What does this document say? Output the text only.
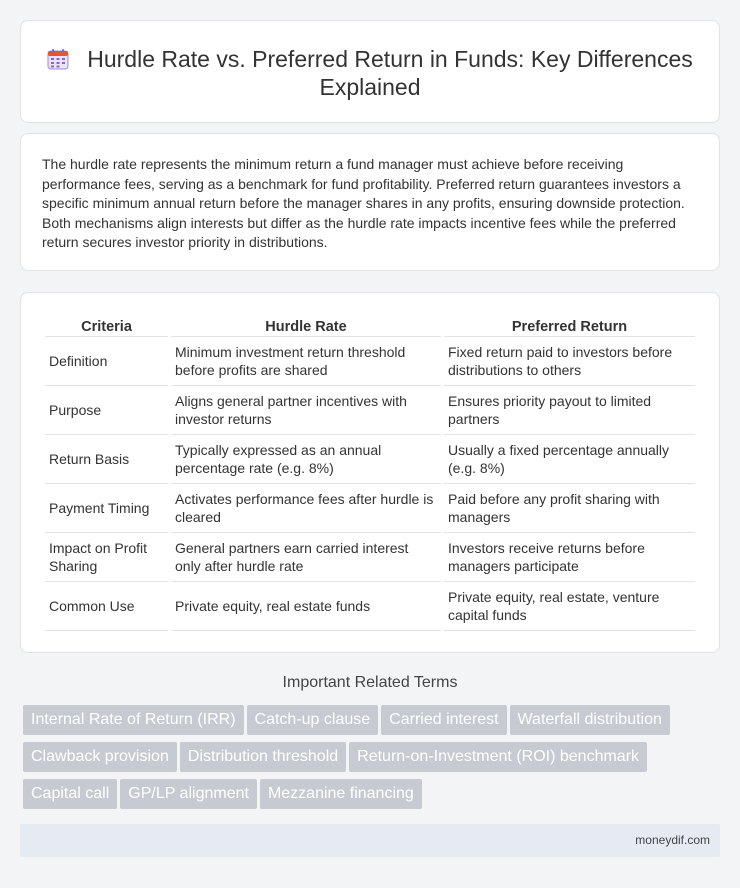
Hurdle Rate vs. Preferred Return in Funds: Key Differences Explained

The hurdle rate represents the minimum return a fund manager must achieve before receiving performance fees, serving as a benchmark for fund profitability. Preferred return guarantees investors a specific minimum annual return before the manager shares in any profits, ensuring downside protection. Both mechanisms align interests but differ as the hurdle rate impacts incentive fees while the preferred return secures investor priority in distributions.

Criteria	Hurdle Rate	Preferred Return
Definition	Minimum investment return threshold before profits are shared	Fixed return paid to investors before distributions to others
Purpose	Aligns general partner incentives with investor returns	Ensures priority payout to limited partners
Return Basis	Typically expressed as an annual percentage rate (e.g. 8%)	Usually a fixed percentage annually (e.g. 8%)
Payment Timing	Activates performance fees after hurdle is cleared	Paid before any profit sharing with managers
Impact on Profit Sharing	General partners earn carried interest only after hurdle rate	Investors receive returns before managers participate
Common Use	Private equity, real estate funds	Private equity, real estate, venture capital funds
Important Related Terms
Internal Rate of Return (IRR) Catch-up clause Carried interest Waterfall distribution
Clawback provision Distribution threshold Return-on-Investment (ROI) benchmark
Capital call GP/LP alignment Mezzanine financing
moneydif.com
